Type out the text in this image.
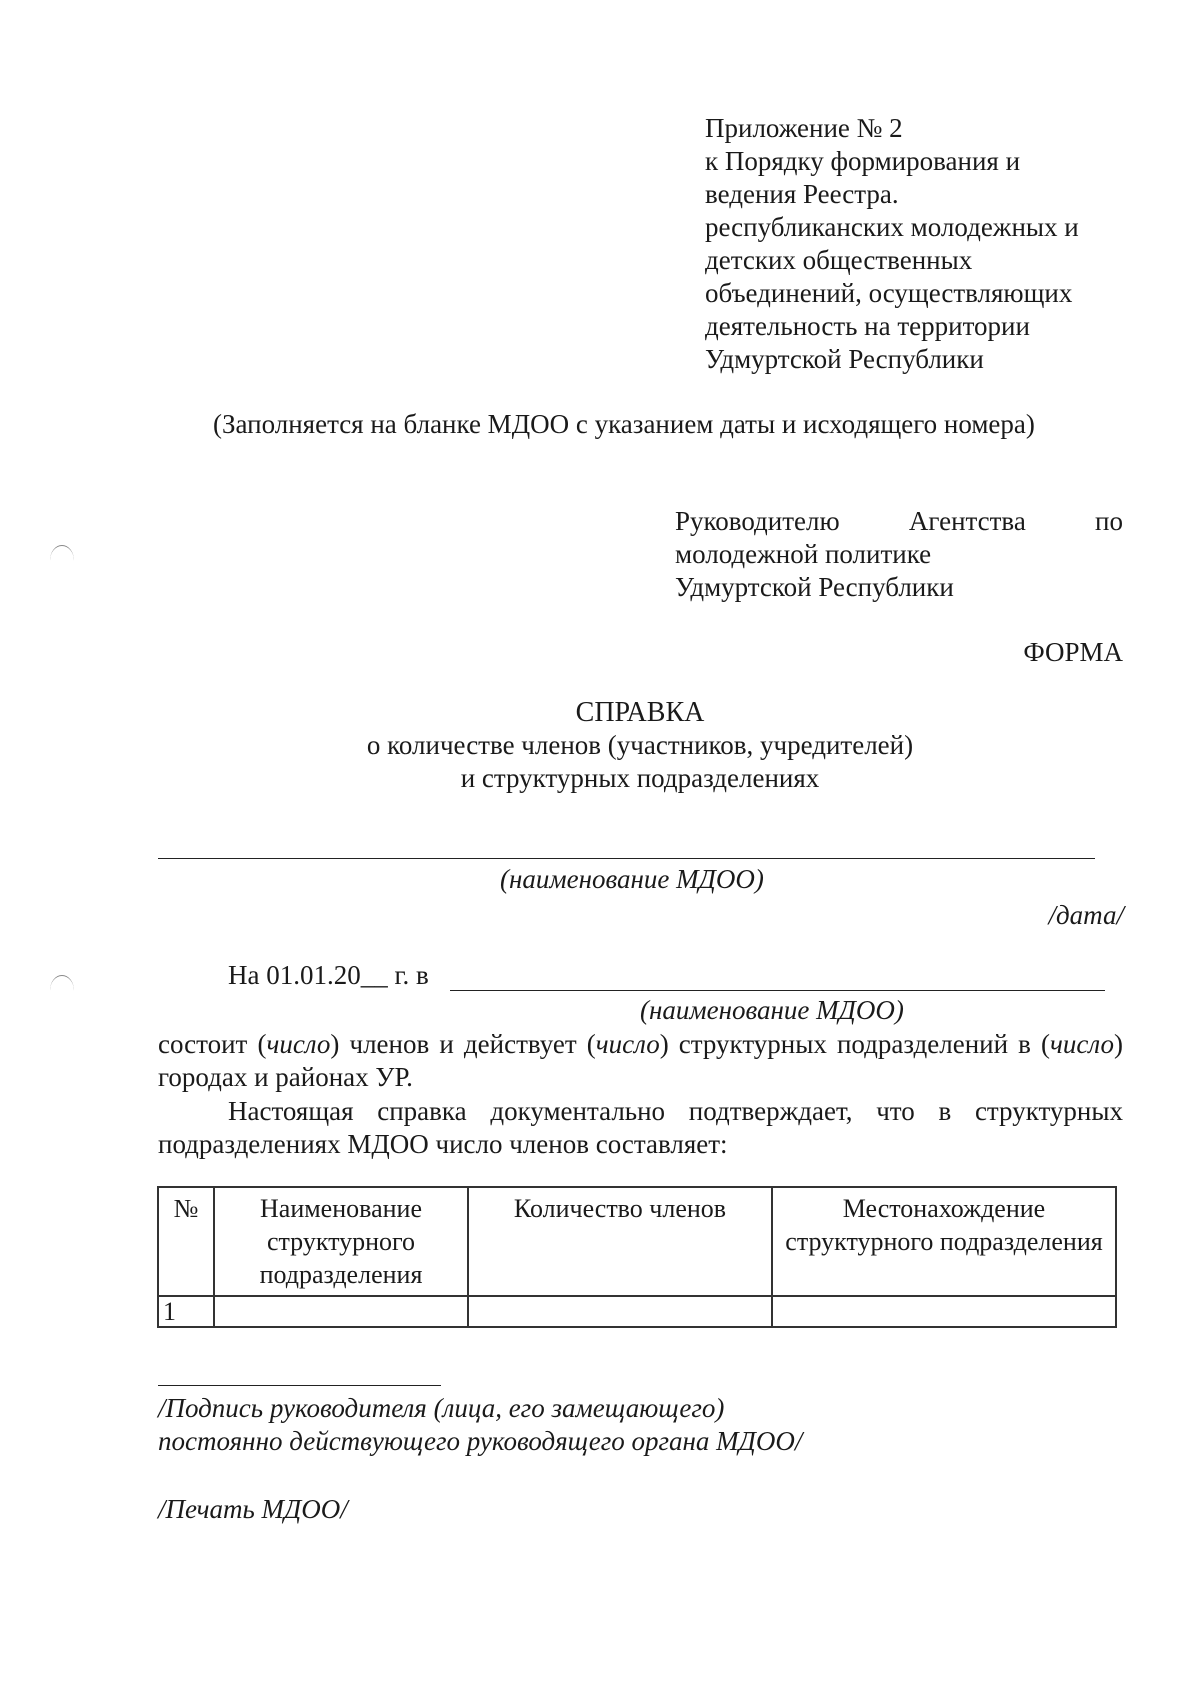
Приложение № 2
к Порядку формирования и
ведения Реестра.
республиканских молодежных и
детских общественных
объединений, осуществляющих
деятельность на территории
Удмуртской Республики
(Заполняется на бланке МДОО с указанием даты и исходящего номера)
Руководителю	Агентства	по
молодежной политике
Удмуртской Республики
ФОРМА
СПРАВКА
о количестве членов (участников, учредителей)
и структурных подразделениях
(наименование МДОО)
/дата/
На 01.01.20__ г. в
(наименование МДОО)
состоит (число) членов и действует (число) структурных подразделений в (число) городах и районах УР.
Настоящая справка документально подтверждает, что в структурных подразделениях МДОО число членов составляет:
№	Наименование структурного подразделения	Количество членов	Местонахождение структурного подразделения
1			
/Подпись руководителя (лица, его замещающего)
постоянно действующего руководящего органа МДОО/
/Печать МДОО/
